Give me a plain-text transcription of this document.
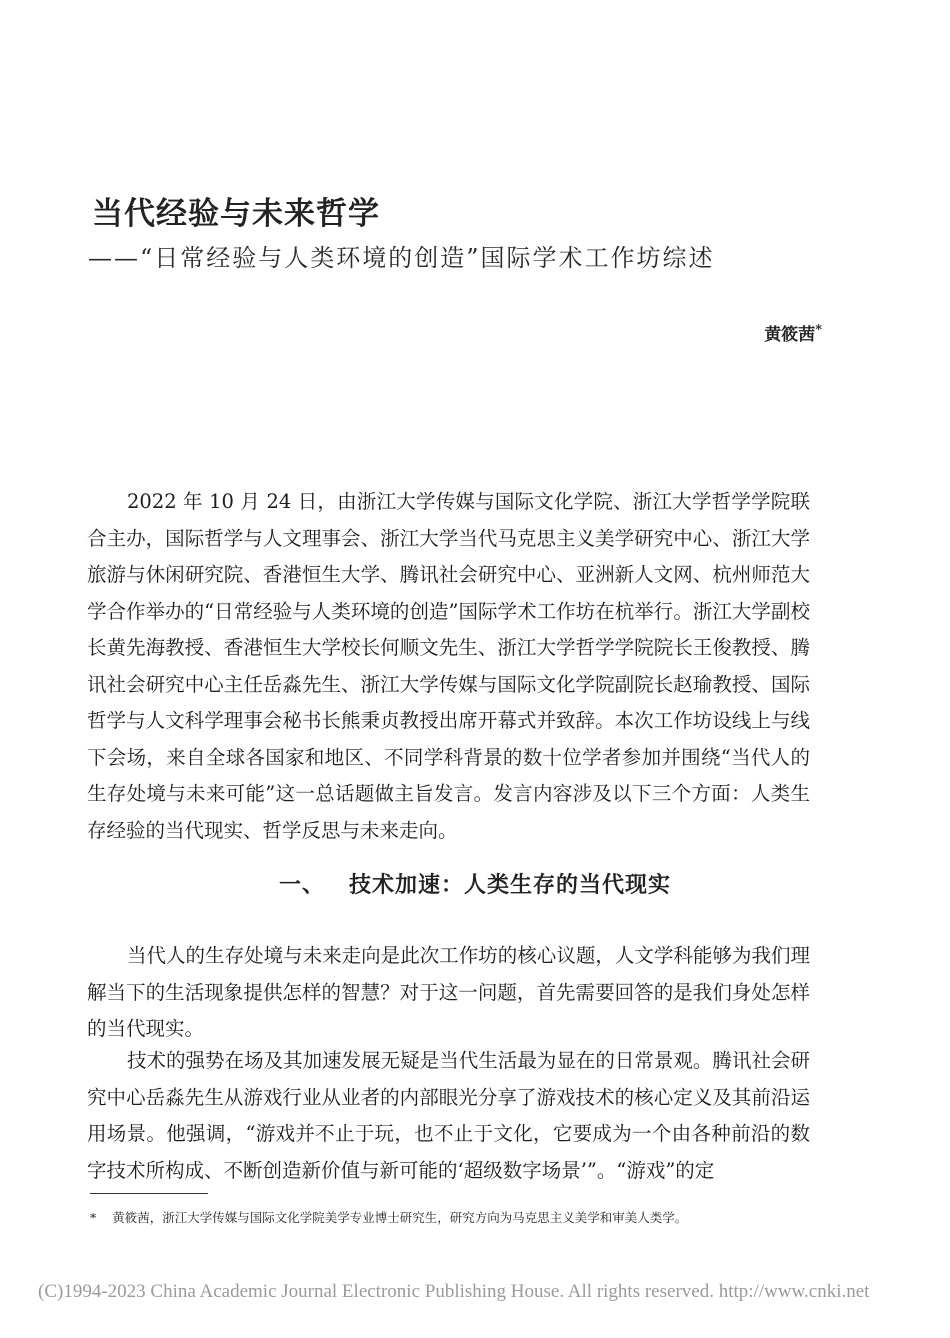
当代经验与未来哲学
——“日常经验与人类环境的创造”国际学术工作坊综述
黄筱茜*

2022 年 10 月 24 日，由浙江大学传媒与国际文化学院、浙江大学哲学学院联合主办，国际哲学与人文理事会、浙江大学当代马克思主义美学研究中心、浙江大学旅游与休闲研究院、香港恒生大学、腾讯社会研究中心、亚洲新人文网、杭州师范大学合作举办的“日常经验与人类环境的创造”国际学术工作坊在杭举行。浙江大学副校长黄先海教授、香港恒生大学校长何顺文先生、浙江大学哲学学院院长王俊教授、腾讯社会研究中心主任岳淼先生、浙江大学传媒与国际文化学院副院长赵瑜教授、国际哲学与人文科学理事会秘书长熊秉贞教授出席开幕式并致辞。本次工作坊设线上与线下会场，来自全球各国家和地区、不同学科背景的数十位学者参加并围绕“当代人的生存处境与未来可能”这一总话题做主旨发言。发言内容涉及以下三个方面：人类生存经验的当代现实、哲学反思与未来走向。

一、 技术加速：人类生存的当代现实

当代人的生存处境与未来走向是此次工作坊的核心议题，人文学科能够为我们理解当下的生活现象提供怎样的智慧？对于这一问题，首先需要回答的是我们身处怎样的当代现实。

技术的强势在场及其加速发展无疑是当代生活最为显在的日常景观。腾讯社会研究中心岳淼先生从游戏行业从业者的内部眼光分享了游戏技术的核心定义及其前沿运用场景。他强调，“游戏并不止于玩，也不止于文化，它要成为一个由各种前沿的数字技术所构成、不断创造新价值与新可能的‘超级数字场景’”。“游戏”的定

* 黄筱茜，浙江大学传媒与国际文化学院美学专业博士研究生，研究方向为马克思主义美学和审美人类学。
(C)1994-2023 China Academic Journal Electronic Publishing House. All rights reserved. http://www.cnki.net
